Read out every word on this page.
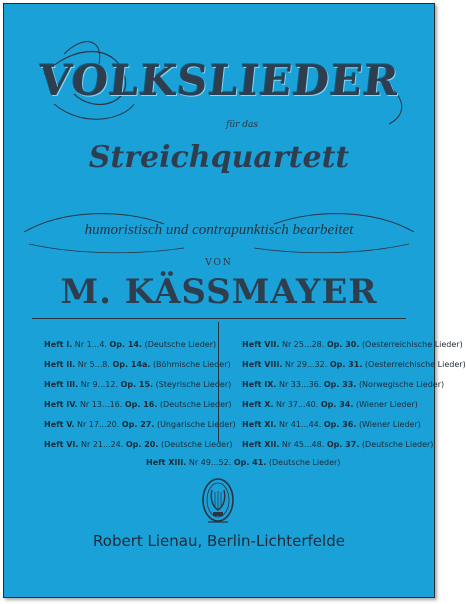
VOLKSLIEDER
für das
Streichquartett
humoristisch und contrapunktisch bearbeitet
VON
M. KÄSSMAYER
Heft I. Nr 1...4. Op. 14. (Deutsche Lieder)
Heft II. Nr 5...8. Op. 14a. (Böhmische Lieder)
Heft III. Nr 9...12. Op. 15. (Steyrische Lieder)
Heft IV. Nr 13...16. Op. 16. (Deutsche Lieder)
Heft V. Nr 17...20. Op. 27. (Ungarische Lieder)
Heft VI. Nr 21...24. Op. 20. (Deutsche Lieder)
Heft VII. Nr 25...28. Op. 30. (Oesterreichische Lieder)
Heft VIII. Nr 29...32. Op. 31. (Oesterreichische Lieder)
Heft IX. Nr 33...36. Op. 33. (Norwegische Lieder)
Heft X. Nr 37...40. Op. 34. (Wiener Lieder)
Heft XI. Nr 41...44. Op. 36. (Wiener Lieder)
Heft XII. Nr 45...48. Op. 37. (Deutsche Lieder)
Heft XIII. Nr 49...52. Op. 41. (Deutsche Lieder)
Robert Lienau, Berlin-Lichterfelde
